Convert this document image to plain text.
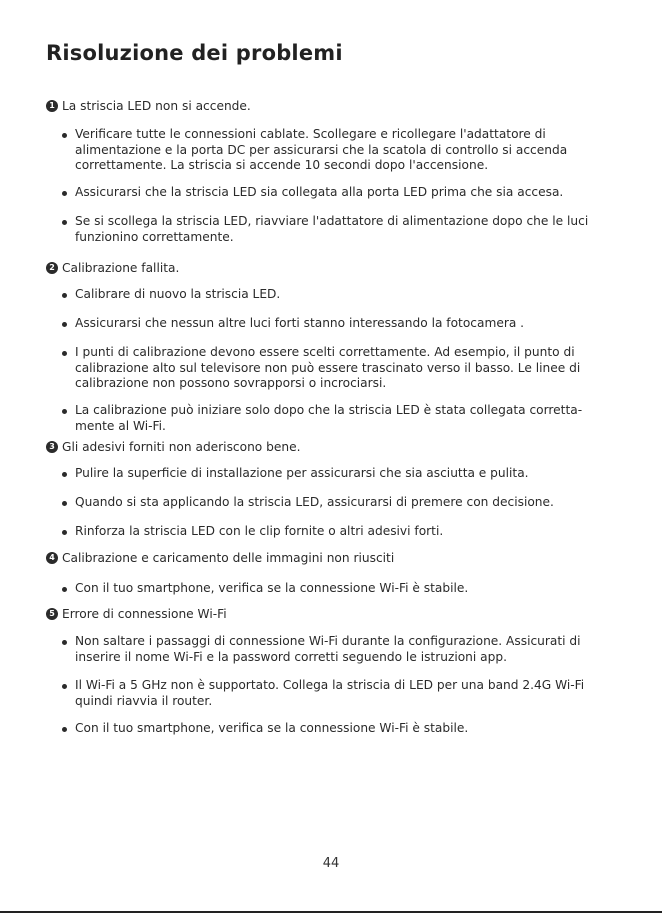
Risoluzione dei problemi
1 La striscia LED non si accende.
Verificare tutte le connessioni cablate. Scollegare e ricollegare l'adattatore di alimentazione e la porta DC per assicurarsi che la scatola di controllo si accenda correttamente. La striscia si accende 10 secondi dopo l'accensione.
Assicurarsi che la striscia LED sia collegata alla porta LED prima che sia accesa.
Se si scollega la striscia LED, riavviare l'adattatore di alimentazione dopo che le luci funzionino correttamente.
2 Calibrazione fallita.
Calibrare di nuovo la striscia LED.
Assicurarsi che nessun altre luci forti stanno interessando la fotocamera .
I punti di calibrazione devono essere scelti correttamente. Ad esempio, il punto di calibrazione alto sul televisore non può essere trascinato verso il basso. Le linee di calibrazione non possono sovrapporsi o incrociarsi.
La calibrazione può iniziare solo dopo che la striscia LED è stata collegata corretta-mente al Wi-Fi.
3 Gli adesivi forniti non aderiscono bene.
Pulire la superficie di installazione per assicurarsi che sia asciutta e pulita.
Quando si sta applicando la striscia LED, assicurarsi di premere con decisione.
Rinforza la striscia LED con le clip fornite o altri adesivi forti.
4 Calibrazione e caricamento delle immagini non riusciti
Con il tuo smartphone, verifica se la connessione Wi-Fi è stabile.
5 Errore di connessione Wi-Fi
Non saltare i passaggi di connessione Wi-Fi durante la configurazione. Assicurati di inserire il nome Wi-Fi e la password corretti seguendo le istruzioni app.
Il Wi-Fi a 5 GHz non è supportato. Collega la striscia di LED per una band 2.4G Wi-Fi quindi riavvia il router.
Con il tuo smartphone, verifica se la connessione Wi-Fi è stabile.
44
